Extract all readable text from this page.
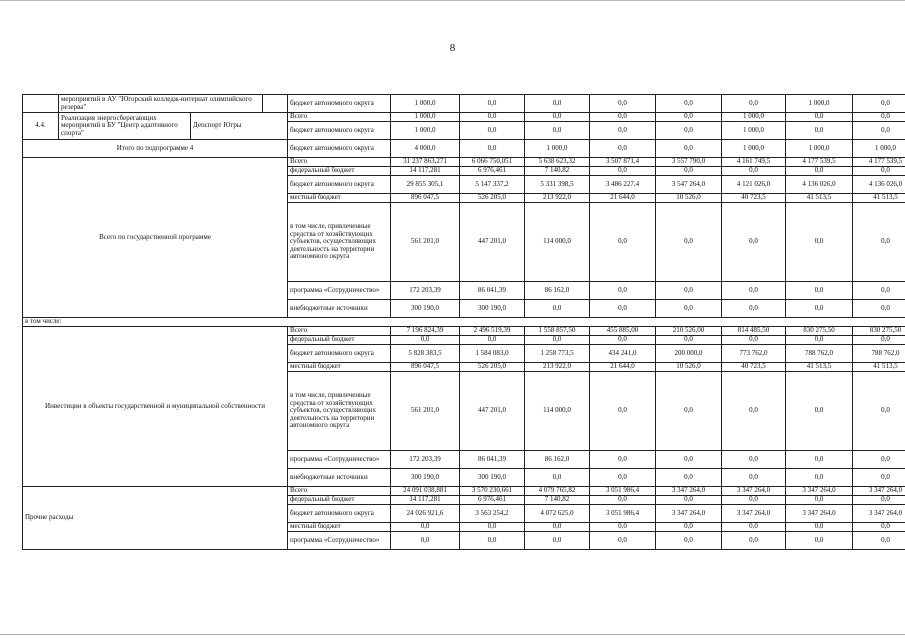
8
	мероприятий в АУ "Югорский колледж-интернат олимпийского резерва"			бюджет автономного округа	1 000,0	0,0	0,0	0,0	0,0	0,0	1 000,0	0,0
4.4.	Реализация энергосберегающих мероприятий в БУ "Центр адаптивного спорта"	Депспорт Югры		Всего	1 000,0	0,0	0,0	0,0	0,0	1 000,0	0,0	0,0
				бюджет автономного округа	1 000,0	0,0	0,0	0,0	0,0	1 000,0	0,0	0,0
Итого по подпрограмме 4				бюджет автономного округа	4 000,0	0,0	1 000,0	0,0	0,0	1 000,0	1 000,0	1 000,0
Всего по государственной программе				Всего	31 237 863,271	6 066 750,051	5 638 623,32	3 507 871,4	3 557 790,0	4 161 749,5	4 177 539,5	4 177 539,5
				федеральный бюджет	14 117,281	6 976,461	7 140,82	0,0	0,0	0,0	0,0	0,0
				бюджет автономного округа	29 855 305,1	5 147 337,2	5 331 398,5	3 486 227,4	3 547 264,0	4 121 026,0	4 136 026,0	4 136 026,0
				местный бюджет	896 047,5	526 205,0	213 922,0	21 644,0	10 526,0	40 723,5	41 513,5	41 513,5
				в том числе, привлеченные средства от хозяйствующих субъектов, осуществляющих деятельность на территории автономного округа	561 201,0	447 201,0	114 000,0	0,0	0,0	0,0	0,0	0,0
				программа «Сотрудничество»	172 203,39	86 041,39	86 162,0	0,0	0,0	0,0	0,0	0,0
				внебюджетные источники	300 190,0	300 190,0	0,0	0,0	0,0	0,0	0,0	0,0
в том числе:												
Инвестиции в объекты государственной и муниципальной собственности				Всего	7 196 824,39	2 496 519,39	1 558 857,50	455 885,00	210 526,00	814 485,50	830 275,50	830 275,50
				федеральный бюджет	0,0	0,0	0,0	0,0	0,0	0,0	0,0	0,0
				бюджет автономного округа	5 828 383,5	1 584 083,0	1 258 773,5	434 241,0	200 000,0	773 762,0	788 762,0	788 762,0
				местный бюджет	896 047,5	526 205,0	213 922,0	21 644,0	10 526,0	40 723,5	41 513,5	41 513,5
				в том числе, привлеченные средства от хозяйствующих субъектов, осуществляющих деятельность на территории автономного округа	561 201,0	447 201,0	114 000,0	0,0	0,0	0,0	0,0	0,0
				программа «Сотрудничество»	172 203,39	86 041,39	86 162,0	0,0	0,0	0,0	0,0	0,0
				внебюджетные источники	300 190,0	300 190,0	0,0	0,0	0,0	0,0	0,0	0,0
Прочие расходы				Всего	24 091 038,881	3 570 230,661	4 079 765,82	3 051 986,4	3 347 264,0	3 347 264,0	3 347 264,0	3 347 264,0
				федеральный бюджет	14 117,281	6 976,461	7 140,82	0,0	0,0	0,0	0,0	0,0
				бюджет автономного округа	24 026 921,6	3 563 254,2	4 072 625,0	3 051 986,4	3 347 264,0	3 347 264,0	3 347 264,0	3 347 264,0
				местный бюджет	0,0	0,0	0,0	0,0	0,0	0,0	0,0	0,0
				программа «Сотрудничество»	0,0	0,0	0,0	0,0	0,0	0,0	0,0	0,0
